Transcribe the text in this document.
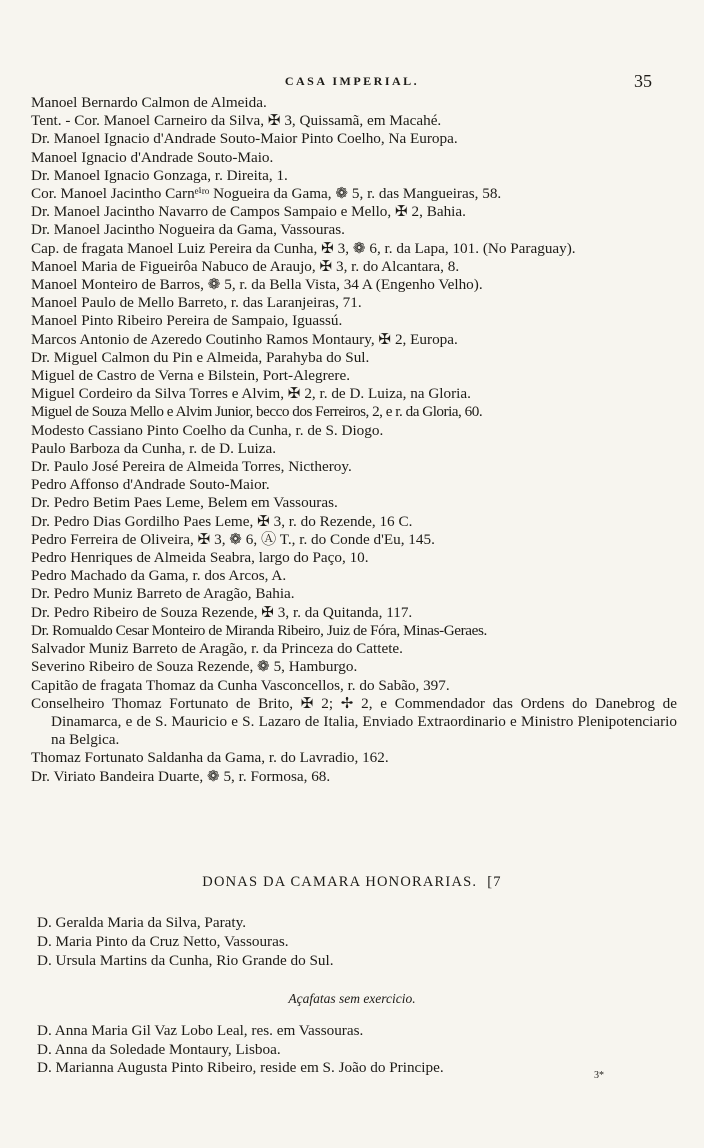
CASA IMPERIAL.	35
Manoel Bernardo Calmon de Almeida.
Tent. - Cor. Manoel Carneiro da Silva, ✠ 3, Quissamã, em Macahé.
Dr. Manoel Ignacio d'Andrade Souto-Maior Pinto Coelho, Na Europa.
Manoel Ignacio d'Andrade Souto-Maio.
Dr. Manoel Ignacio Gonzaga, r. Direita, 1.
Cor. Manoel Jacintho Carnᵉⁱʳᵒ Nogueira da Gama, ❁ 5, r. das Mangueiras, 58.
Dr. Manoel Jacintho Navarro de Campos Sampaio e Mello, ✠ 2, Bahia.
Dr. Manoel Jacintho Nogueira da Gama, Vassouras.
Cap. de fragata Manoel Luiz Pereira da Cunha, ✠ 3, ❁ 6, r. da Lapa, 101. (No Paraguay).
Manoel Maria de Figueirôa Nabuco de Araujo, ✠ 3, r. do Alcantara, 8.
Manoel Monteiro de Barros, ❁ 5, r. da Bella Vista, 34 A (Engenho Velho).
Manoel Paulo de Mello Barreto, r. das Laranjeiras, 71.
Manoel Pinto Ribeiro Pereira de Sampaio, Iguassú.
Marcos Antonio de Azeredo Coutinho Ramos Montaury, ✠ 2, Europa.
Dr. Miguel Calmon du Pin e Almeida, Parahyba do Sul.
Miguel de Castro de Verna e Bilstein, Port-Alegrere.
Miguel Cordeiro da Silva Torres e Alvim, ✠ 2, r. de D. Luiza, na Gloria.
Miguel de Souza Mello e Alvim Junior, becco dos Ferreiros, 2, e r. da Gloria, 60.
Modesto Cassiano Pinto Coelho da Cunha, r. de S. Diogo.
Paulo Barboza da Cunha, r. de D. Luiza.
Dr. Paulo José Pereira de Almeida Torres, Nictheroy.
Pedro Affonso d'Andrade Souto-Maior.
Dr. Pedro Betim Paes Leme, Belem em Vassouras.
Dr. Pedro Dias Gordilho Paes Leme, ✠ 3, r. do Rezende, 16 C.
Pedro Ferreira de Oliveira, ✠ 3, ❁ 6, Ⓐ T., r. do Conde d'Eu, 145.
Pedro Henriques de Almeida Seabra, largo do Paço, 10.
Pedro Machado da Gama, r. dos Arcos, A.
Dr. Pedro Muniz Barreto de Aragão, Bahia.
Dr. Pedro Ribeiro de Souza Rezende, ✠ 3, r. da Quitanda, 117.
Dr. Romualdo Cesar Monteiro de Miranda Ribeiro, Juiz de Fóra, Minas-Geraes.
Salvador Muniz Barreto de Aragão, r. da Princeza do Cattete.
Severino Ribeiro de Souza Rezende, ❁ 5, Hamburgo.
Capitão de fragata Thomaz da Cunha Vasconcellos, r. do Sabão, 397.
Conselheiro Thomaz Fortunato de Brito, ✠ 2; ✢ 2, e Commendador das Ordens do Danebrog de Dinamarca, e de S. Mauricio e S. Lazaro de Italia, Enviado Extraordinario e Ministro Plenipotenciario na Belgica.
Thomaz Fortunato Saldanha da Gama, r. do Lavradio, 162.
Dr. Viriato Bandeira Duarte, ❁ 5, r. Formosa, 68.
DONAS DA CAMARA HONORARIAS. [7
D. Geralda Maria da Silva, Paraty.
D. Maria Pinto da Cruz Netto, Vassouras.
D. Ursula Martins da Cunha, Rio Grande do Sul.
Açafatas sem exercicio.
D. Anna Maria Gil Vaz Lobo Leal, res. em Vassouras.
D. Anna da Soledade Montaury, Lisboa.
D. Marianna Augusta Pinto Ribeiro, reside em S. João do Principe.	3*
